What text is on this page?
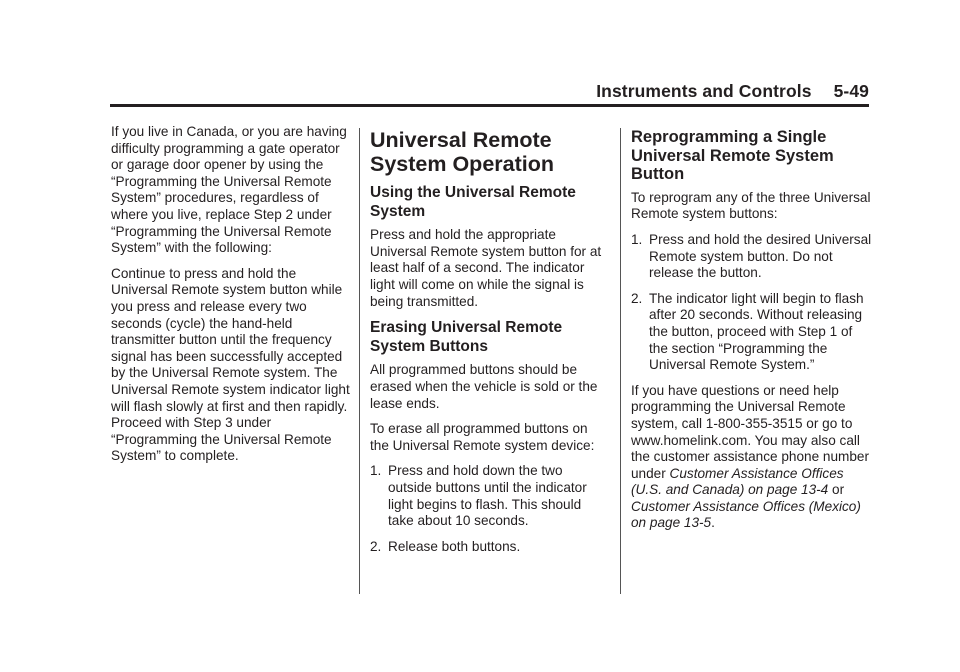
Instruments and Controls 5-49

If you live in Canada, or you are having difficulty programming a gate operator or garage door opener by using the “Programming the Universal Remote System” procedures, regardless of where you live, replace Step 2 under “Programming the Universal Remote System” with the following:

Continue to press and hold the Universal Remote system button while you press and release every two seconds (cycle) the hand-held transmitter button until the frequency signal has been successfully accepted by the Universal Remote system. The Universal Remote system indicator light will flash slowly at first and then rapidly. Proceed with Step 3 under “Programming the Universal Remote System” to complete.

Universal Remote System Operation
Using the Universal Remote System

Press and hold the appropriate Universal Remote system button for at least half of a second. The indicator light will come on while the signal is being transmitted.

Erasing Universal Remote System Buttons

All programmed buttons should be erased when the vehicle is sold or the lease ends.

To erase all programmed buttons on the Universal Remote system device:

1. Press and hold down the two outside buttons until the indicator light begins to flash. This should take about 10 seconds.
2. Release both buttons.
Reprogramming a Single Universal Remote System Button

To reprogram any of the three Universal Remote system buttons:

1. Press and hold the desired Universal Remote system button. Do not release the button.
2. The indicator light will begin to flash after 20 seconds. Without releasing the button, proceed with Step 1 of the section “Programming the Universal Remote System.”

If you have questions or need help programming the Universal Remote system, call 1-800-355-3515 or go to www.homelink.com. You may also call the customer assistance phone number under Customer Assistance Offices (U.S. and Canada) on page 13-4 or Customer Assistance Offices (Mexico) on page 13-5.
